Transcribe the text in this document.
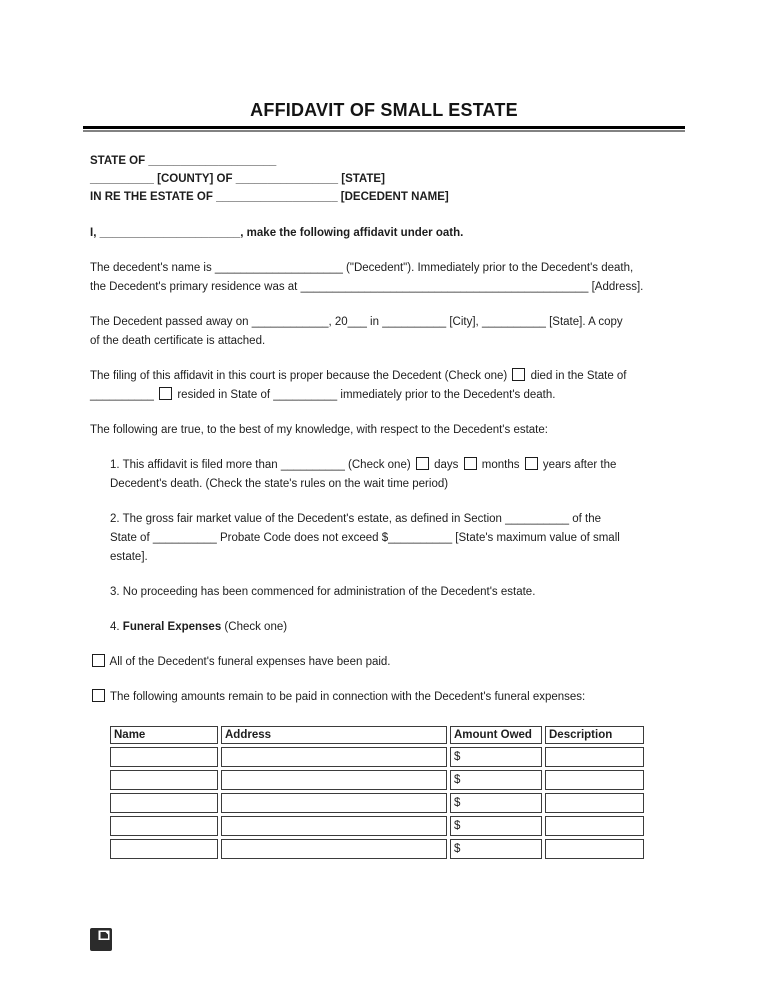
AFFIDAVIT OF SMALL ESTATE
STATE OF ____________________
__________ [COUNTY] OF ________________ [STATE]
IN RE THE ESTATE OF ___________________ [DECEDENT NAME]
I, ______________________, make the following affidavit under oath.
The decedent's name is ____________________ ("Decedent"). Immediately prior to the Decedent's death,
the Decedent's primary residence was at _____________________________________________ [Address].
The Decedent passed away on ____________, 20___ in __________ [City], __________ [State]. A copy
of the death certificate is attached.
The filing of this affidavit in this court is proper because the Decedent (Check one)  died in the State of
__________  resided in State of __________ immediately prior to the Decedent's death.
The following are true, to the best of my knowledge, with respect to the Decedent's estate:
1. This affidavit is filed more than __________ (Check one)  days  months  years after the
Decedent's death. (Check the state's rules on the wait time period)
2. The gross fair market value of the Decedent's estate, as defined in Section __________ of the
State of __________ Probate Code does not exceed $__________ [State's maximum value of small
estate].
3. No proceeding has been commenced for administration of the Decedent's estate.
4. Funeral Expenses (Check one)
All of the Decedent's funeral expenses have been paid.
The following amounts remain to be paid in connection with the Decedent's funeral expenses:
Name	Address	Amount Owed	Description
		$	
		$	
		$	
		$	
		$	
